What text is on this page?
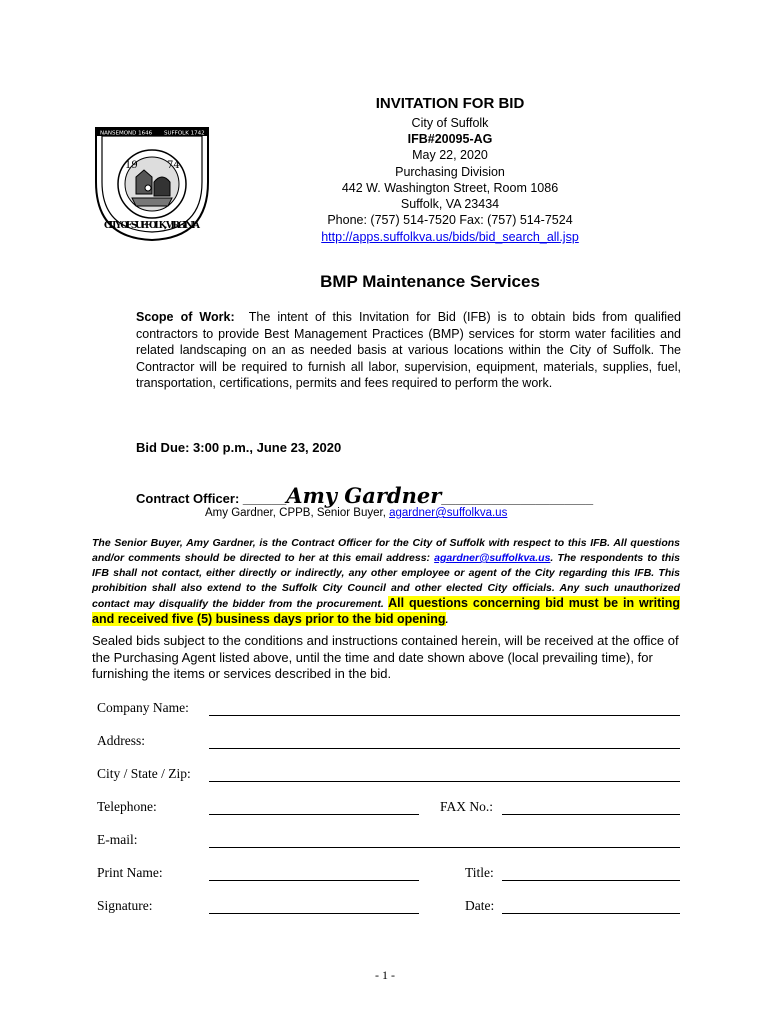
NANSEMOND 1646 SUFFOLK 1742
19	74
CITY OF SUFFOLK, VIRGINIA
INVITATION FOR BID
City of Suffolk
IFB#20095-AG
May 22, 2020
Purchasing Division
442 W. Washington Street, Room 1086
Suffolk, VA 23434
Phone: (757) 514-7520 Fax: (757) 514-7524
http://apps.suffolkva.us/bids/bid_search_all.jsp
BMP Maintenance Services
Scope of Work: The intent of this Invitation for Bid (IFB) is to obtain bids from qualified contractors to provide Best Management Practices (BMP) services for storm water facilities and related landscaping on an as needed basis at various locations within the City of Suffolk. The Contractor will be required to furnish all labor, supervision, equipment, materials, supplies, fuel, transportation, certifications, permits and fees required to perform the work.
Bid Due: 3:00 p.m., June 23, 2020
Contract Officer: ______Amy Gardner_____________________
Amy Gardner, CPPB, Senior Buyer, agardner@suffolkva.us
The Senior Buyer, Amy Gardner, is the Contract Officer for the City of Suffolk with respect to this IFB. All questions and/or comments should be directed to her at this email address: agardner@suffolkva.us. The respondents to this IFB shall not contact, either directly or indirectly, any other employee or agent of the City regarding this IFB. This prohibition shall also extend to the Suffolk City Council and other elected City officials. Any such unauthorized contact may disqualify the bidder from the procurement. All questions concerning bid must be in writing and received five (5) business days prior to the bid opening.
Sealed bids subject to the conditions and instructions contained herein, will be received at the office of the Purchasing Agent listed above, until the time and date shown above (local prevailing time), for furnishing the items or services described in the bid.
Company Name:
Address:
City / State / Zip:
Telephone:	FAX No.:
E-mail:
Print Name:	Title:
Signature:	Date:
- 1 -
